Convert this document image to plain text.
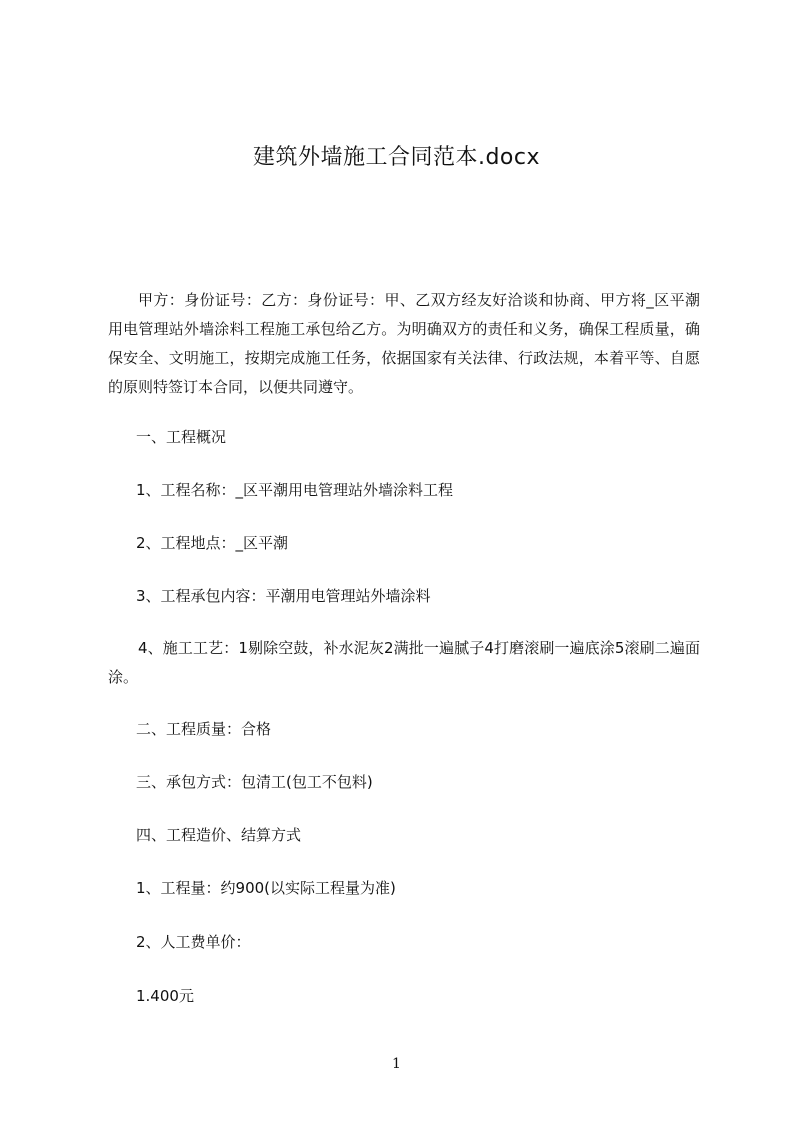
建筑外墙施工合同范本.docx
甲方：身份证号：乙方：身份证号：甲、乙双方经友好洽谈和协商、甲方将_区平潮用电管理站外墙涂料工程施工承包给乙方。为明确双方的责任和义务，确保工程质量，确保安全、文明施工，按期完成施工任务，依据国家有关法律、行政法规，本着平等、自愿的原则特签订本合同，以便共同遵守。
一、工程概况
1、工程名称：_区平潮用电管理站外墙涂料工程
2、工程地点：_区平潮
3、工程承包内容：平潮用电管理站外墙涂料
4、施工工艺：1剔除空鼓，补水泥灰2满批一遍腻子4打磨滚刷一遍底涂5滚刷二遍面涂。
二、工程质量：合格
三、承包方式：包清工(包工不包料)
四、工程造价、结算方式
1、工程量：约900(以实际工程量为准)
2、人工费单价：
1.400元
1
